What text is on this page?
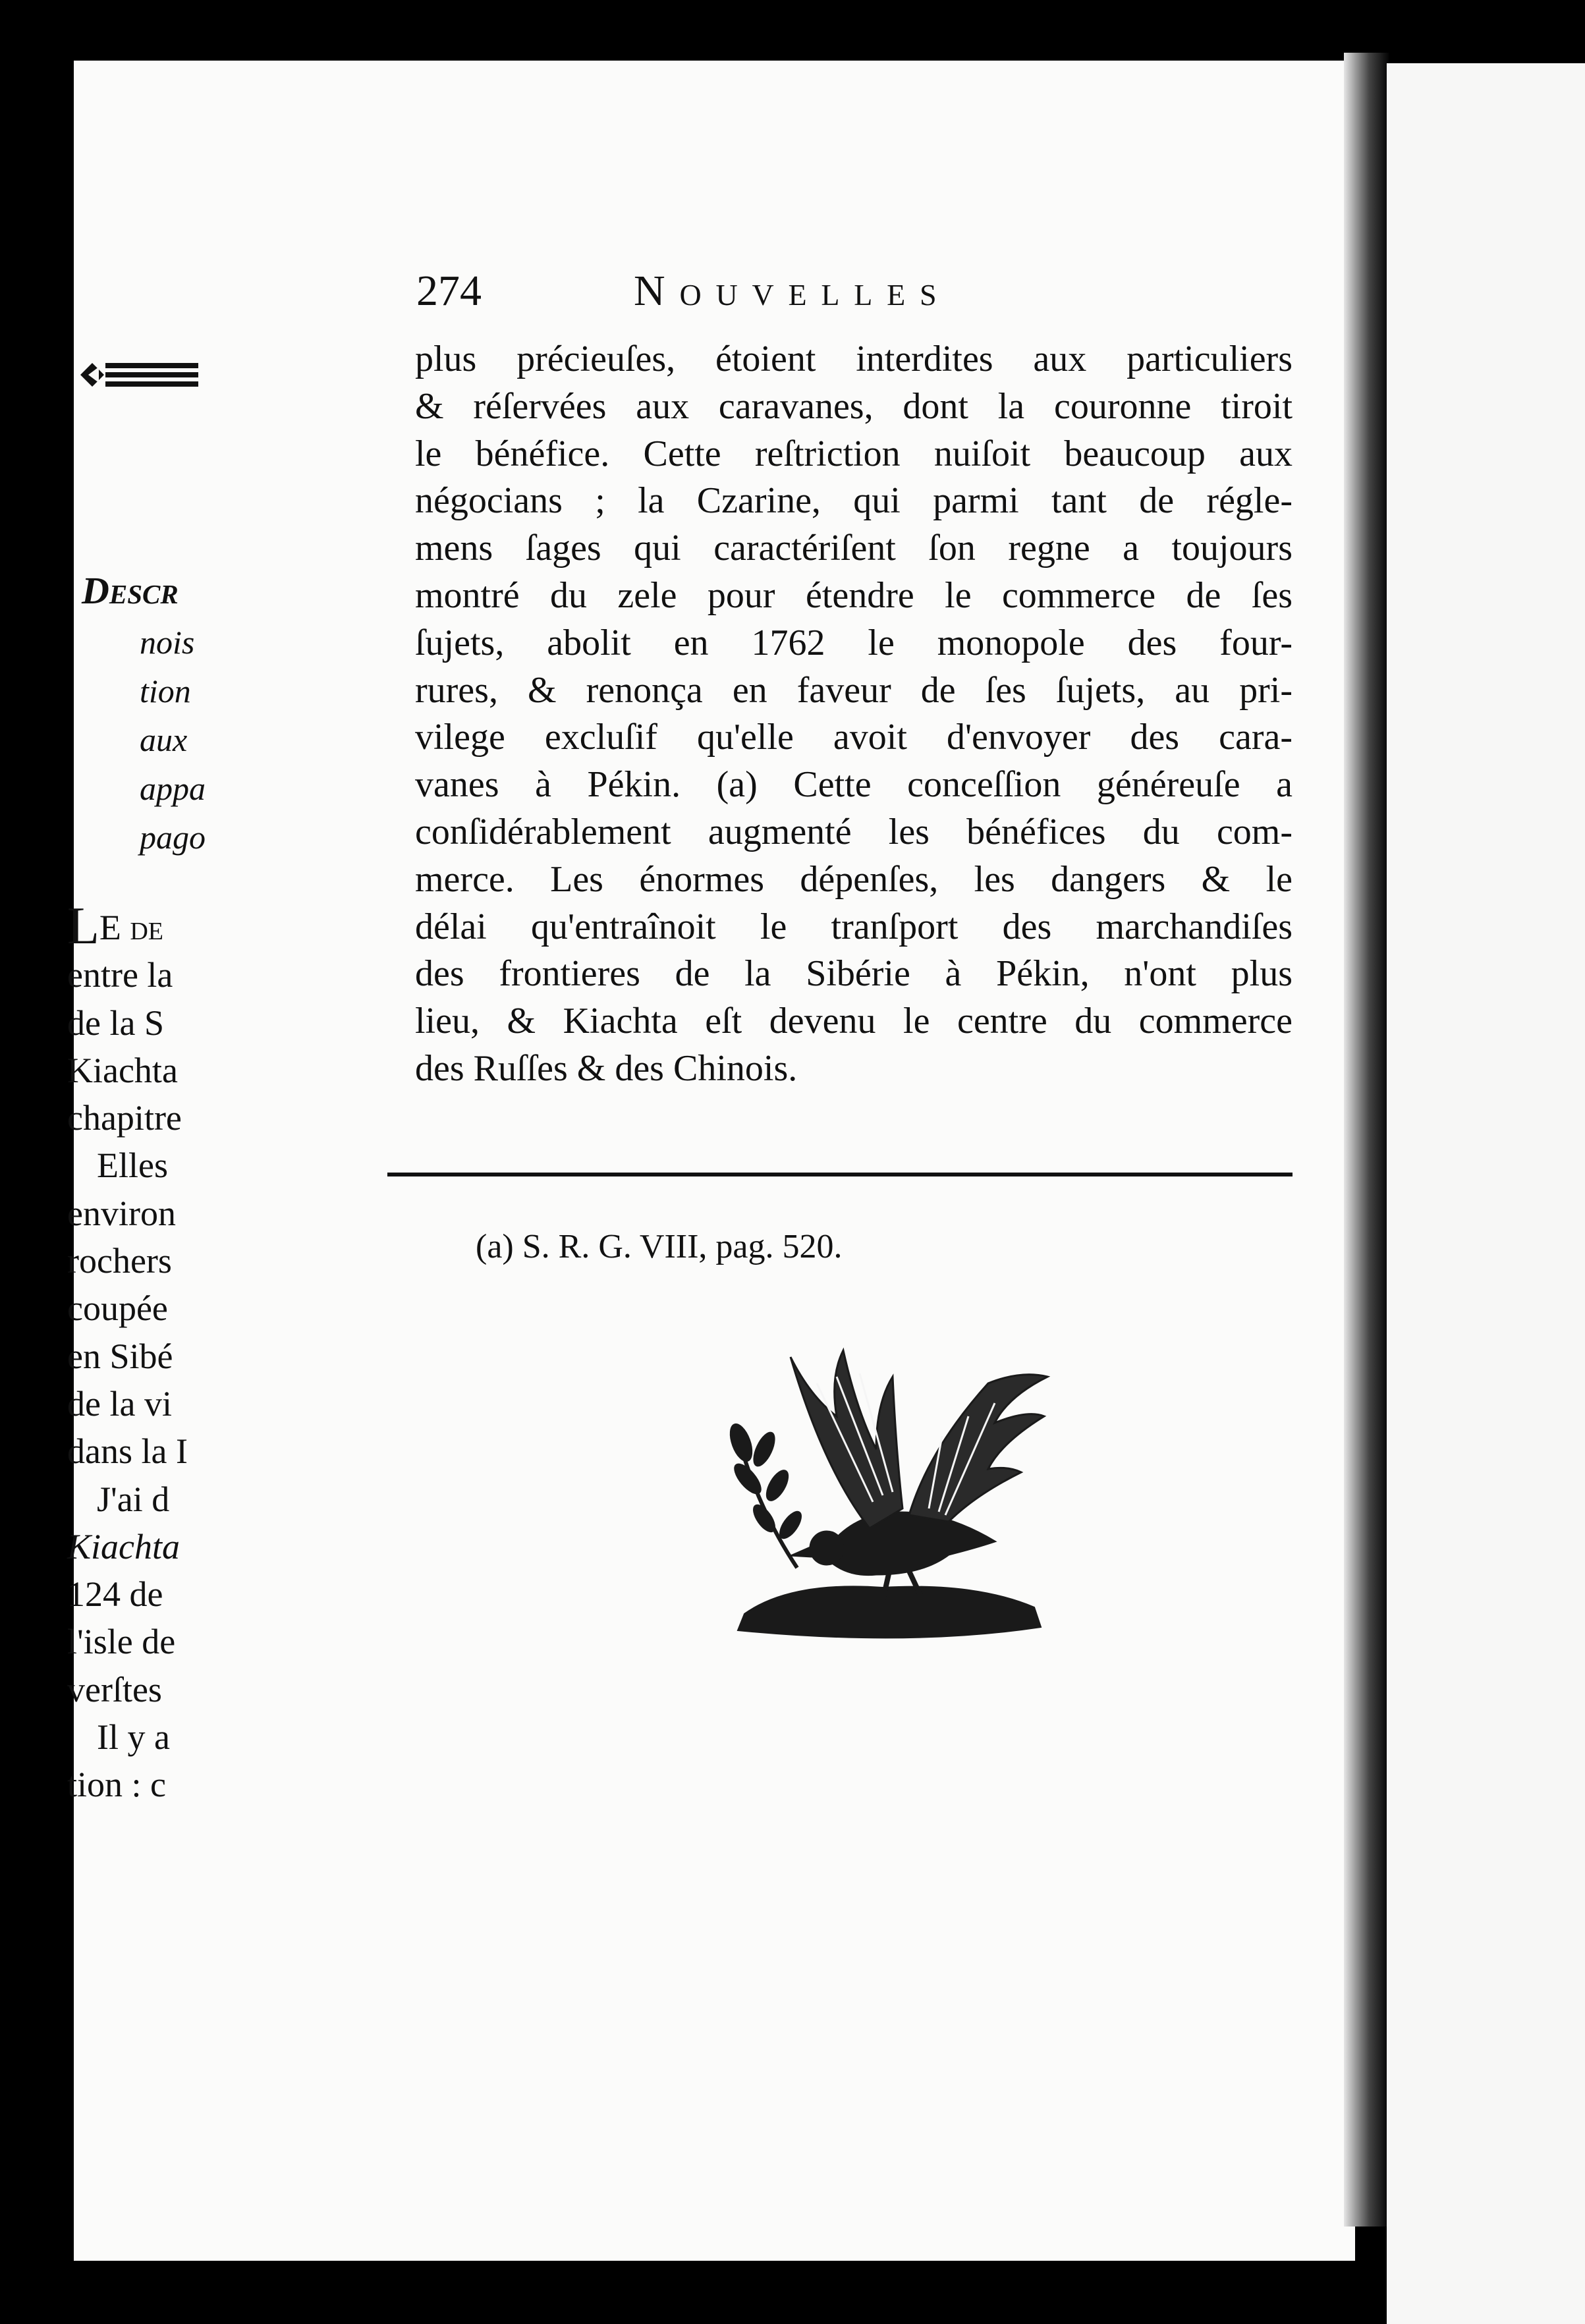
274	Nouvelles

plus précieuſes, étoient interdites aux particuliers
& réſervées aux caravanes, dont la couronne tiroit
le bénéfice. Cette reſtriction nuiſoit beaucoup aux
négocians ; la Czarine, qui parmi tant de régle-
mens ſages qui caractériſent ſon regne a toujours
montré du zele pour étendre le commerce de ſes
ſujets, abolit en 1762 le monopole des four-
rures, & renonça en faveur de ſes ſujets, au pri-
vilege excluſif qu'elle avoit d'envoyer des cara-
vanes à Pékin. (a) Cette conceſſion généreuſe a
conſidérablement augmenté les bénéfices du com-
merce. Les énormes dépenſes, les dangers & le
délai qu'entraînoit le tranſport des marchandiſes
des frontieres de la Sibérie à Pékin, n'ont plus
lieu, & Kiachta eſt devenu le centre du commerce
des Ruſſes & des Chinois.

(a) S. R. G. VIII, pag. 520.
Descr
nois
tion
aux
appa
pago
LE de
entre la
de la S
Kiachta
chapitre
Elles
environ
rochers
coupée
en Sibé
de la vi
dans la I
J'ai d
Kiachta
124 de
l'isle de
verſtes
Il y a
tion : c
